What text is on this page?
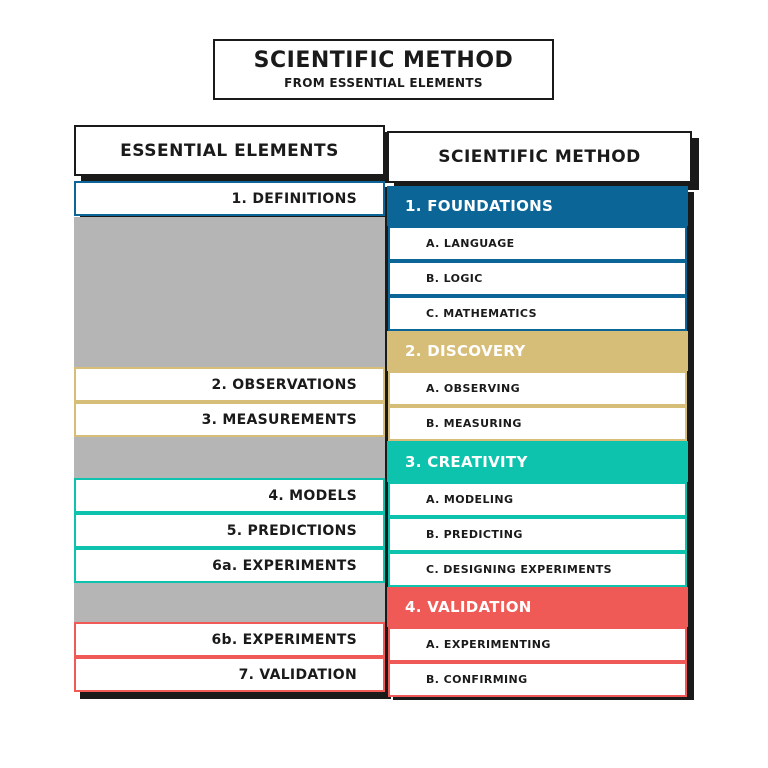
SCIENTIFIC METHOD
FROM ESSENTIAL ELEMENTS
ESSENTIAL ELEMENTS	SCIENTIFIC METHOD
1. DEFINITIONS
2. OBSERVATIONS
3. MEASUREMENTS
4. MODELS
5. PREDICTIONS
6a. EXPERIMENTS
6b. EXPERIMENTS
7. VALIDATION
1. FOUNDATIONS
A. LANGUAGE
B. LOGIC
C. MATHEMATICS
2. DISCOVERY
A. OBSERVING
B. MEASURING
3. CREATIVITY
A. MODELING
B. PREDICTING
C. DESIGNING EXPERIMENTS
4. VALIDATION
A. EXPERIMENTING
B. CONFIRMING
